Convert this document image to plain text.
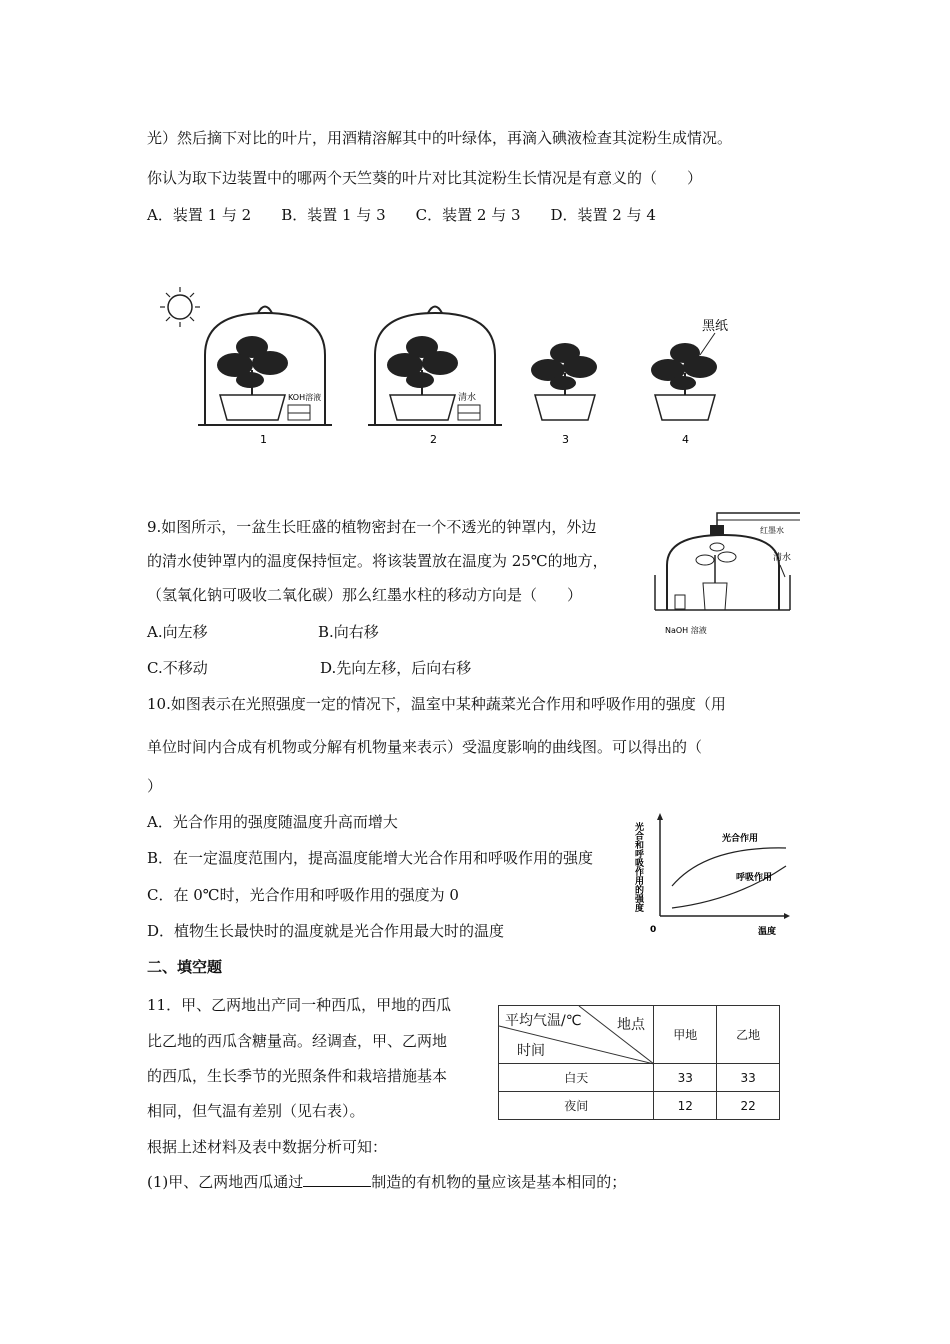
光）然后摘下对比的叶片，用酒精溶解其中的叶绿体，再滴入碘液检查其淀粉生成情况。
你认为取下边装置中的哪两个天竺葵的叶片对比其淀粉生长情况是有意义的（　　）
A．装置 1 与 2　　B．装置 1 与 3　　C．装置 2 与 3　　D．装置 2 与 4
KOH溶液
1
清水
2	3
黑纸
4
9.如图所示，一盆生长旺盛的植物密封在一个不透光的钟罩内，外边
的清水使钟罩内的温度保持恒定。将该装置放在温度为 25℃的地方，
（氢氧化钠可吸收二氧化碳）那么红墨水柱的移动方向是（　　）
A.向左移	B.向右移
C.不移动	D.先向左移，后向右移
红墨水
清水
NaOH 溶液
10.如图表示在光照强度一定的情况下，温室中某种蔬菜光合作用和呼吸作用的强度（用
单位时间内合成有机物或分解有机物量来表示）受温度影响的曲线图。可以得出的（
）
A．光合作用的强度随温度升高而增大
B．在一定温度范围内，提高温度能增大光合作用和呼吸作用的强度
C．在 0℃时，光合作用和呼吸作用的强度为 0
D．植物生长最快时的温度就是光合作用最大时的温度
光合和呼吸作用的强度	光合作用
呼吸作用
0	温度
二、填空题
11．甲、乙两地出产同一种西瓜，甲地的西瓜
比乙地的西瓜含糖量高。经调查，甲、乙两地
的西瓜，生长季节的光照条件和栽培措施基本
相同，但气温有差别（见右表）。
根据上述材料及表中数据分析可知：
(1)甲、乙两地西瓜通过	制造的有机物的量应该是基本相同的；
平均气温/℃ 地点
时间	甲地	乙地
白天	33	33
夜间	12	22
